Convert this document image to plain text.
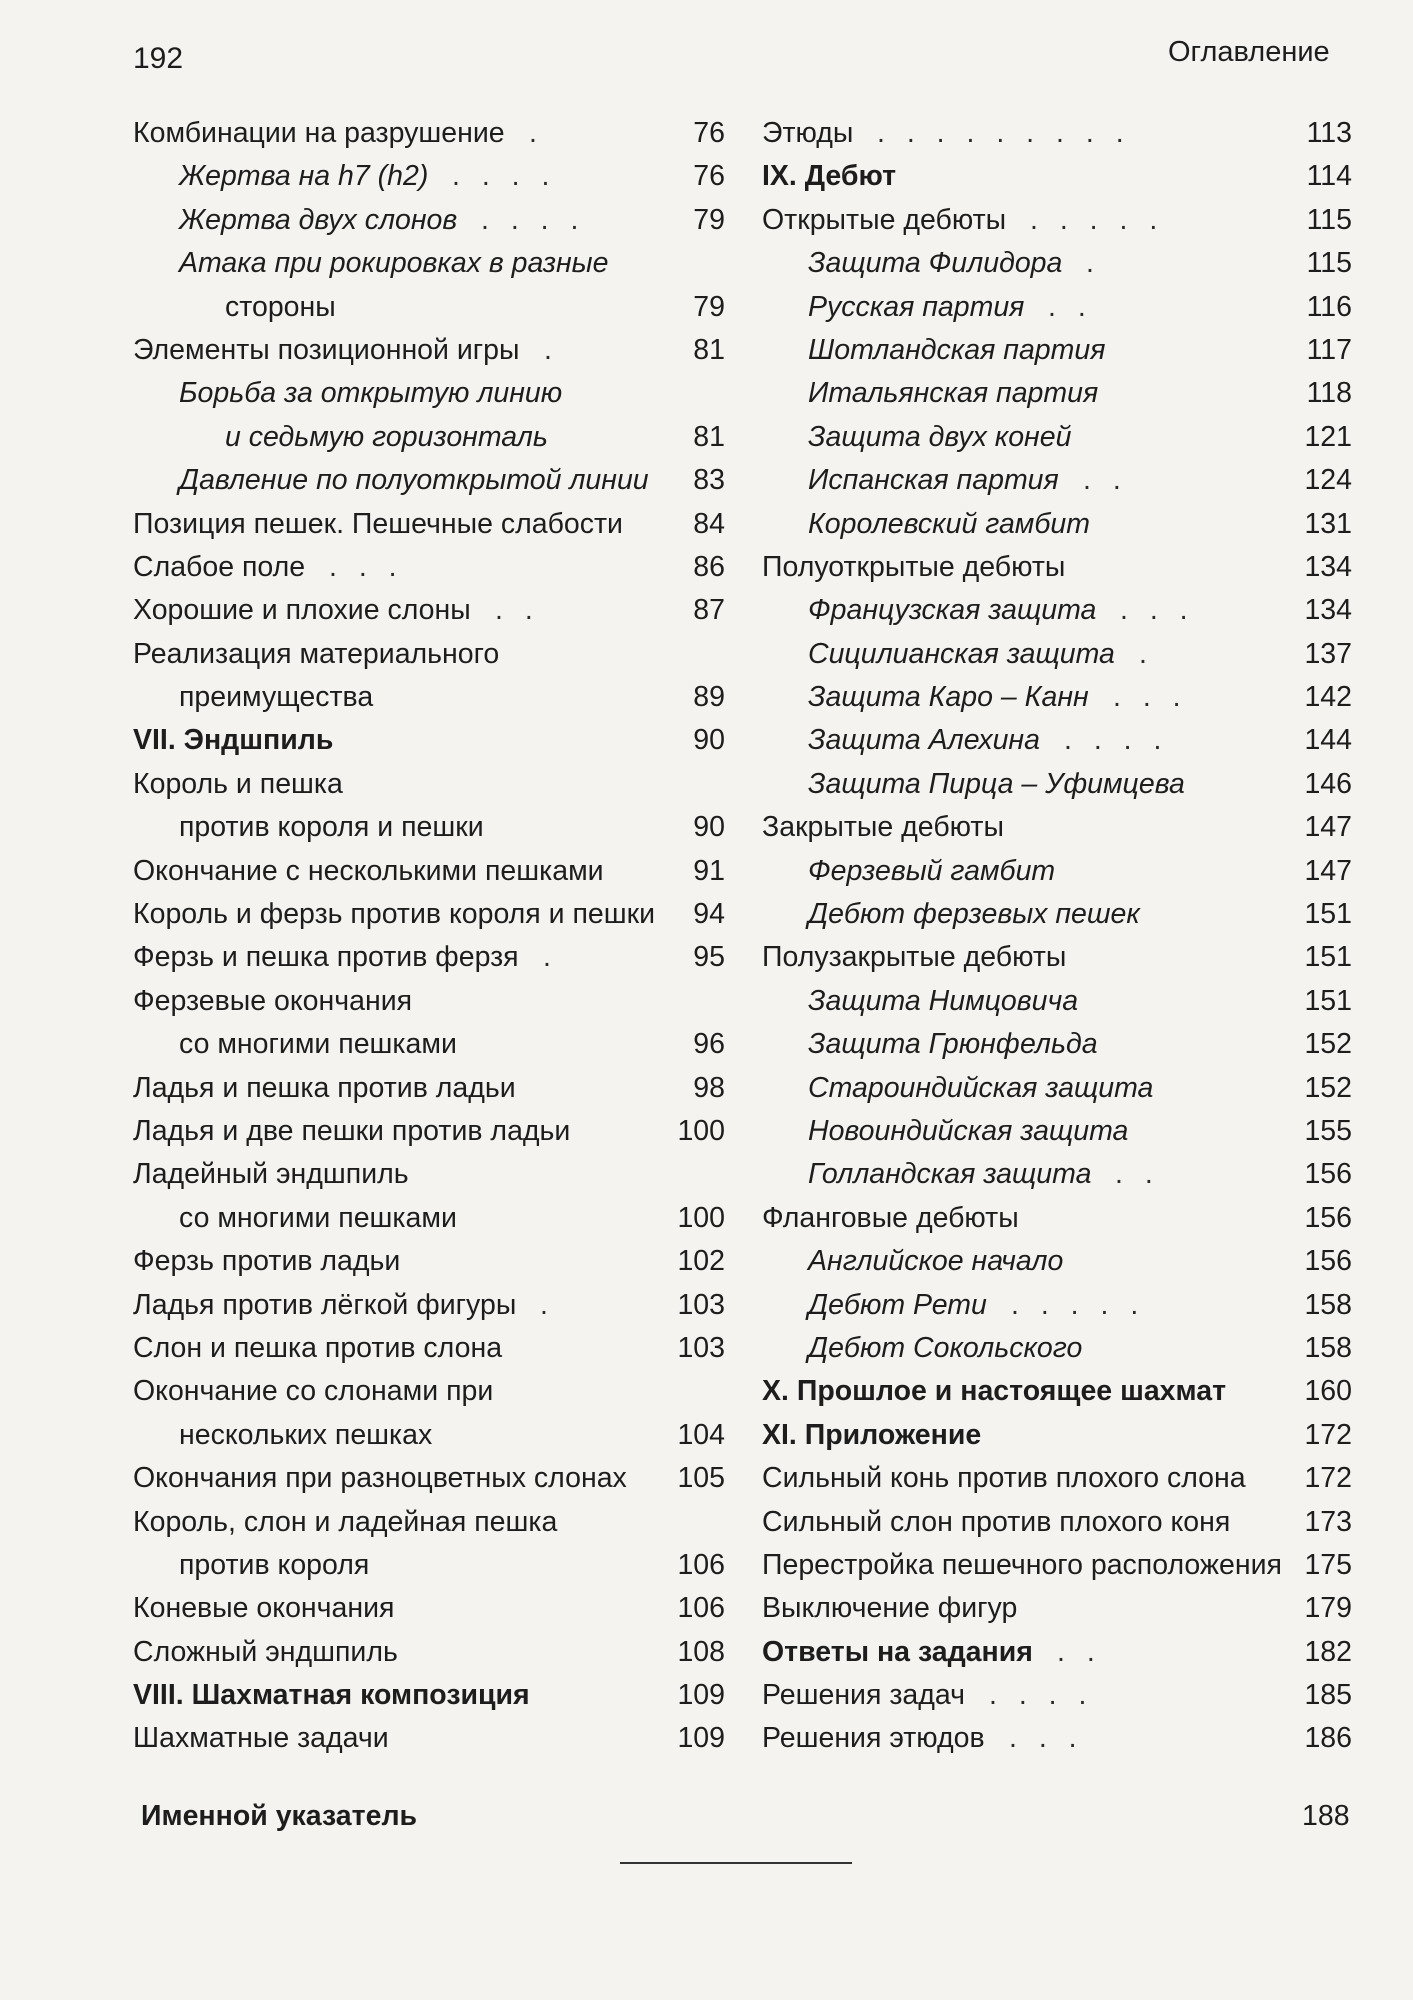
192	Оглавление
Комбинации на разрушение .	76
Жертва на h7 (h2) . . . .	76
Жертва двух слонов . . . .	79
Атака при рокировках в разные
стороны	79
Элементы позиционной игры .	81
Борьба за открытую линию
и седьмую горизонталь	81
Давление по полуоткрытой линии 83
Позиция пешек. Пешечные слабости 84
Слабое поле . . .	86
Хорошие и плохие слоны . .	87
Реализация материального
преимущества	89
VII. Эндшпиль	90
Король и пешка
против короля и пешки	90
Окончание с несколькими пешками	91
Король и ферзь против короля и пешки 94
Ферзь и пешка против ферзя .	95
Ферзевые окончания
со многими пешками	96
Ладья и пешка против ладьи	98
Ладья и две пешки против ладьи	100
Ладейный эндшпиль
со многими пешками	100
Ферзь против ладьи	102
Ладья против лёгкой фигуры .	103
Слон и пешка против слона	103
Окончание со слонами при
нескольких пешках	104
Окончания при разноцветных слонах 105
Король, слон и ладейная пешка
против короля	106
Коневые окончания	106
Сложный эндшпиль	108
VIII. Шахматная композиция	109
Шахматные задачи	109
Этюды . . . . . . . . .	113
IX. Дебют	114
Открытые дебюты . . . . .	115
Защита Филидора .	115
Русская партия . .	116
Шотландская партия	117
Итальянская партия	118
Защита двух коней	121
Испанская партия . .	124
Королевский гамбит	131
Полуоткрытые дебюты	134
Французская защита . . .	134
Сицилианская защита .	137
Защита Каро – Канн . . .	142
Защита Алехина . . . .	144
Защита Пирца – Уфимцева	146
Закрытые дебюты	147
Ферзевый гамбит	147
Дебют ферзевых пешек	151
Полузакрытые дебюты	151
Защита Нимцовича	151
Защита Грюнфельда	152
Староиндийская защита	152
Новоиндийская защита	155
Голландская защита . .	156
Фланговые дебюты	156
Английское начало	156
Дебют Рети . . . . .	158
Дебют Сокольского	158
X. Прошлое и настоящее шахмат	160
XI. Приложение	172
Сильный конь против плохого слона 172
Сильный слон против плохого коня	173
Перестройка пешечного расположения 175
Выключение фигур	179
Ответы на задания . .	182
Решения задач . . . .	185
Решения этюдов . . .	186
Именной указатель	188
